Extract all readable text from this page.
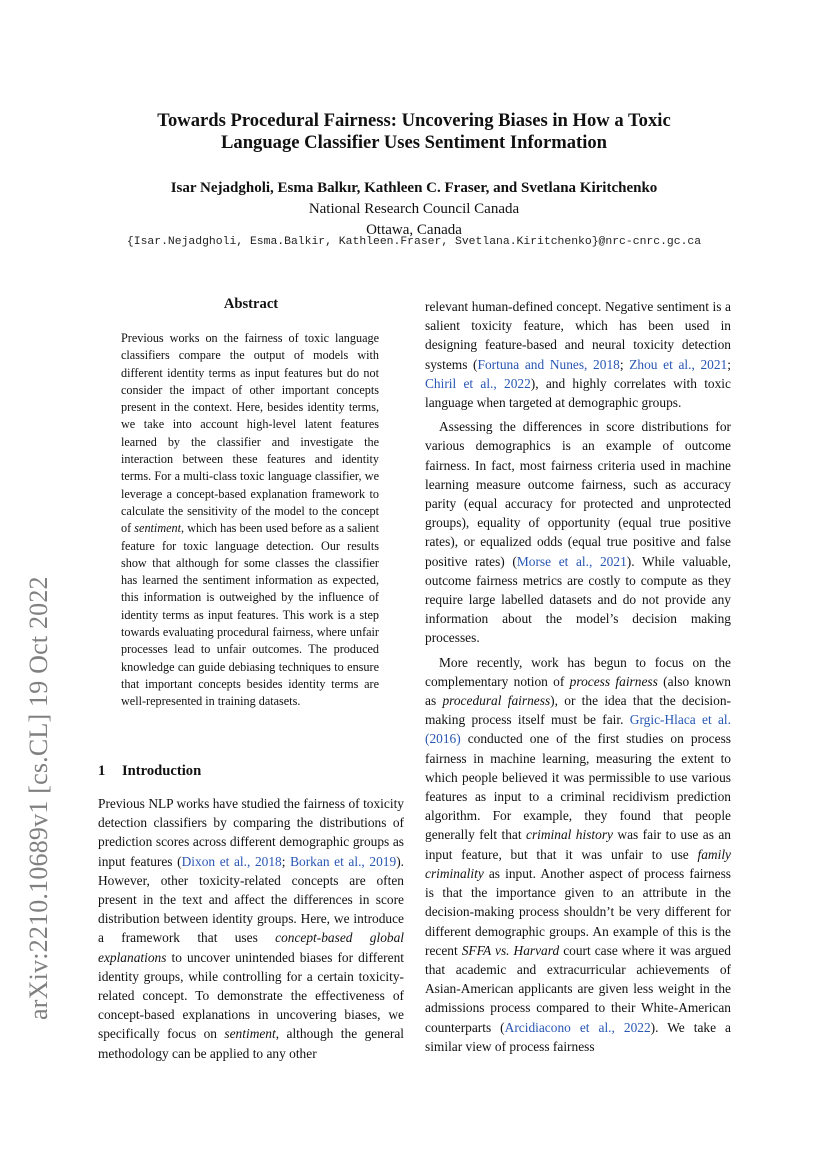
arXiv:2210.10689v1 [cs.CL] 19 Oct 2022
Towards Procedural Fairness: Uncovering Biases in How a Toxic
Language Classifier Uses Sentiment Information
Isar Nejadgholi, Esma Balkır, Kathleen C. Fraser, and Svetlana Kiritchenko
National Research Council Canada
Ottawa, Canada
{Isar.Nejadgholi, Esma.Balkir, Kathleen.Fraser, Svetlana.Kiritchenko}@nrc-cnrc.gc.ca
Abstract
Previous works on the fairness of toxic language classifiers compare the output of models with different identity terms as input features but do not consider the impact of other important concepts present in the context. Here, besides identity terms, we take into account high-level latent features learned by the classifier and investigate the interaction between these features and identity terms. For a multi-class toxic language classifier, we leverage a concept-based explanation framework to calculate the sensitivity of the model to the concept of sentiment, which has been used before as a salient feature for toxic language detection. Our results show that although for some classes the classifier has learned the sentiment information as expected, this information is outweighed by the influence of identity terms as input features. This work is a step towards evaluating procedural fairness, where unfair processes lead to unfair outcomes. The produced knowledge can guide debiasing techniques to ensure that important concepts besides identity terms are well-represented in training datasets.
1 Introduction

Previous NLP works have studied the fairness of toxicity detection classifiers by comparing the distributions of prediction scores across different demographic groups as input features (Dixon et al., 2018; Borkan et al., 2019). However, other toxicity-related concepts are often present in the text and affect the differences in score distribution between identity groups. Here, we introduce a framework that uses concept-based global explanations to uncover unintended biases for different identity groups, while controlling for a certain toxicity-related concept. To demonstrate the effectiveness of concept-based explanations in uncovering biases, we specifically focus on sentiment, although the general methodology can be applied to any other

relevant human-defined concept. Negative sentiment is a salient toxicity feature, which has been used in designing feature-based and neural toxicity detection systems (Fortuna and Nunes, 2018; Zhou et al., 2021; Chiril et al., 2022), and highly correlates with toxic language when targeted at demographic groups.

Assessing the differences in score distributions for various demographics is an example of outcome fairness. In fact, most fairness criteria used in machine learning measure outcome fairness, such as accuracy parity (equal accuracy for protected and unprotected groups), equality of opportunity (equal true positive rates), or equalized odds (equal true positive and false positive rates) (Morse et al., 2021). While valuable, outcome fairness metrics are costly to compute as they require large labelled datasets and do not provide any information about the model’s decision making processes.

More recently, work has begun to focus on the complementary notion of process fairness (also known as procedural fairness), or the idea that the decision-making process itself must be fair. Grgic-Hlaca et al. (2016) conducted one of the first studies on process fairness in machine learning, measuring the extent to which people believed it was permissible to use various features as input to a criminal recidivism prediction algorithm. For example, they found that people generally felt that criminal history was fair to use as an input feature, but that it was unfair to use family criminality as input. Another aspect of process fairness is that the importance given to an attribute in the decision-making process shouldn’t be very different for different demographic groups. An example of this is the recent SFFA vs. Harvard court case where it was argued that academic and extracurricular achievements of Asian-American applicants are given less weight in the admissions process compared to their White-American counterparts (Arcidiacono et al., 2022). We take a similar view of process fairness
